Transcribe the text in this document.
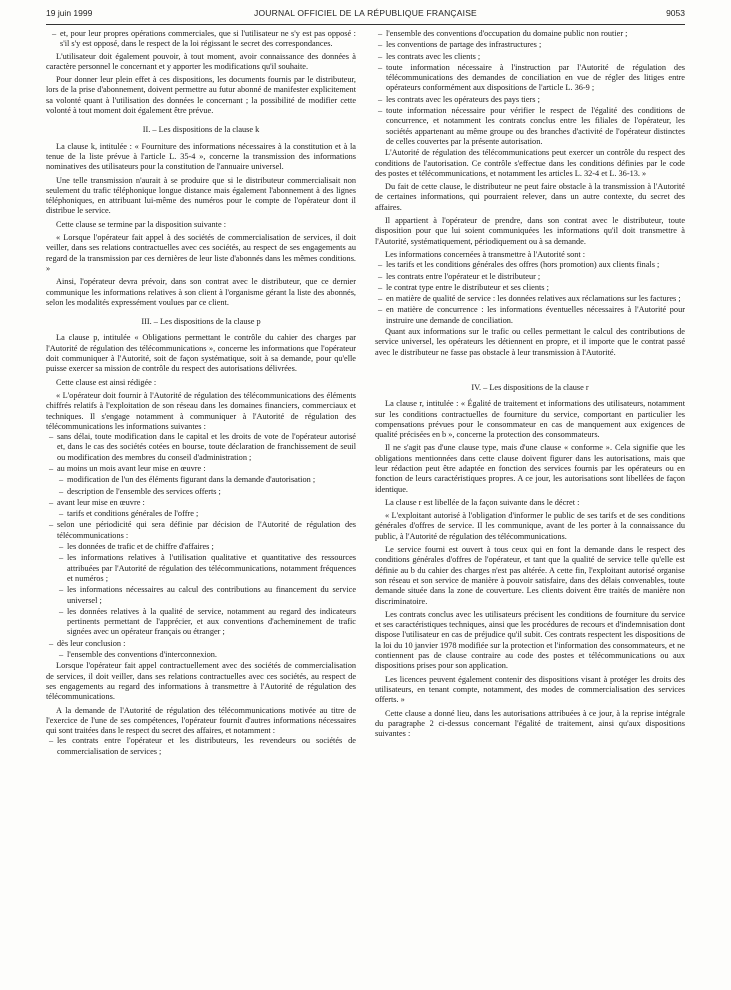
19 juin 1999	JOURNAL OFFICIEL DE LA RÉPUBLIQUE FRANÇAISE	9053

– et, pour leur propres opérations commerciales, que si l'utilisateur ne s'y est pas opposé : s'il s'y est opposé, dans le respect de la loi régissant le secret des correspondances.

L'utilisateur doit également pouvoir, à tout moment, avoir connaissance des données à caractère personnel le concernant et y apporter les modifications qu'il souhaite.

Pour donner leur plein effet à ces dispositions, les documents fournis par le distributeur, lors de la prise d'abonnement, doivent permettre au futur abonné de manifester explicitement sa volonté quant à l'utilisation des données le concernant ; la possibilité de modifier cette volonté à tout moment doit également être prévue.

II. – Les dispositions de la clause k

La clause k, intitulée : « Fourniture des informations nécessaires à la constitution et à la tenue de la liste prévue à l'article L. 35-4 », concerne la transmission des informations nominatives des utilisateurs pour la constitution de l'annuaire universel.

Une telle transmission n'aurait à se produire que si le distributeur commercialisait non seulement du trafic téléphonique longue distance mais également l'abonnement à des lignes téléphoniques, en attribuant lui-même des numéros pour le compte de l'opérateur dont il distribue le service.

Cette clause se termine par la disposition suivante :

« Lorsque l'opérateur fait appel à des sociétés de commercialisation de services, il doit veiller, dans ses relations contractuelles avec ces sociétés, au respect de ses engagements au regard de la transmission par ces dernières de leur liste d'abonnés dans les mêmes conditions. »

Ainsi, l'opérateur devra prévoir, dans son contrat avec le distributeur, que ce dernier communique les informations relatives à son client à l'organisme gérant la liste des abonnés, selon les modalités expressément voulues par ce client.

III. – Les dispositions de la clause p

La clause p, intitulée « Obligations permettant le contrôle du cahier des charges par l'Autorité de régulation des télécommunications », concerne les informations que l'opérateur doit communiquer à l'Autorité, soit de façon systématique, soit à sa demande, pour qu'elle puisse exercer sa mission de contrôle du respect des autorisations délivrées.

Cette clause est ainsi rédigée :

« L'opérateur doit fournir à l'Autorité de régulation des télécommunications des éléments chiffrés relatifs à l'exploitation de son réseau dans les domaines financiers, commerciaux et techniques. Il s'engage notamment à communiquer à l'Autorité de régulation des télécommunications les informations suivantes :

– sans délai, toute modification dans le capital et les droits de vote de l'opérateur autorisé et, dans le cas des sociétés cotées en bourse, toute déclaration de franchissement de seuil ou modification des membres du conseil d'administration ;

– au moins un mois avant leur mise en œuvre :

– modification de l'un des éléments figurant dans la demande d'autorisation ;

– description de l'ensemble des services offerts ;

– avant leur mise en œuvre :

– tarifs et conditions générales de l'offre ;

– selon une périodicité qui sera définie par décision de l'Autorité de régulation des télécommunications :

– les données de trafic et de chiffre d'affaires ;

– les informations relatives à l'utilisation qualitative et quantitative des ressources attribuées par l'Autorité de régulation des télécommunications, notamment fréquences et numéros ;

– les informations nécessaires au calcul des contributions au financement du service universel ;

– les données relatives à la qualité de service, notamment au regard des indicateurs pertinents permettant de l'apprécier, et aux conventions d'acheminement de trafic signées avec un opérateur français ou étranger ;

– dès leur conclusion :

– l'ensemble des conventions d'interconnexion.

Lorsque l'opérateur fait appel contractuellement avec des sociétés de commercialisation de services, il doit veiller, dans ses relations contractuelles avec ces sociétés, au respect de ses engagements au regard des informations à transmettre à l'Autorité de régulation des télécommunications.

A la demande de l'Autorité de régulation des télécommunications motivée au titre de l'exercice de l'une de ses compétences, l'opérateur fournit d'autres informations nécessaires qui sont traitées dans le respect du secret des affaires, et notamment :

– les contrats entre l'opérateur et les distributeurs, les revendeurs ou sociétés de commercialisation de services ;

– l'ensemble des conventions d'occupation du domaine public non routier ;

– les conventions de partage des infrastructures ;

– les contrats avec les clients ;

– toute information nécessaire à l'instruction par l'Autorité de régulation des télécommunications des demandes de conciliation en vue de régler des litiges entre opérateurs conformément aux dispositions de l'article L. 36-9 ;

– les contrats avec les opérateurs des pays tiers ;

– toute information nécessaire pour vérifier le respect de l'égalité des conditions de concurrence, et notamment les contrats conclus entre les filiales de l'opérateur, les sociétés appartenant au même groupe ou des branches d'activité de l'opérateur distinctes de celles couvertes par la présente autorisation.

L'Autorité de régulation des télécommunications peut exercer un contrôle du respect des conditions de l'autorisation. Ce contrôle s'effectue dans les conditions définies par le code des postes et télécommunications, et notamment les articles L. 32-4 et L. 36-13. »

Du fait de cette clause, le distributeur ne peut faire obstacle à la transmission à l'Autorité de certaines informations, qui pourraient relever, dans un autre contexte, du secret des affaires.

Il appartient à l'opérateur de prendre, dans son contrat avec le distributeur, toute disposition pour que lui soient communiquées les informations qu'il doit transmettre à l'Autorité, systématiquement, périodiquement ou à sa demande.

Les informations concernées à transmettre à l'Autorité sont :

– les tarifs et les conditions générales des offres (hors promotion) aux clients finals ;

– les contrats entre l'opérateur et le distributeur ;

– le contrat type entre le distributeur et ses clients ;

– en matière de qualité de service : les données relatives aux réclamations sur les factures ;

– en matière de concurrence : les informations éventuelles nécessaires à l'Autorité pour instruire une demande de conciliation.

Quant aux informations sur le trafic ou celles permettant le calcul des contributions de service universel, les opérateurs les détiennent en propre, et il importe que le contrat passé avec le distributeur ne fasse pas obstacle à leur transmission à l'Autorité.

IV. – Les dispositions de la clause r

La clause r, intitulée : « Égalité de traitement et informations des utilisateurs, notamment sur les conditions contractuelles de fourniture du service, comportant en particulier les compensations prévues pour le consommateur en cas de manquement aux exigences de qualité précisées en b », concerne la protection des consommateurs.

Il ne s'agit pas d'une clause type, mais d'une clause « conforme ». Cela signifie que les obligations mentionnées dans cette clause doivent figurer dans les autorisations, mais que leur rédaction peut être adaptée en fonction des services fournis par les opérateurs ou en fonction de leurs caractéristiques propres. A ce jour, les autorisations sont libellées de façon identique.

La clause r est libellée de la façon suivante dans le décret :

« L'exploitant autorisé à l'obligation d'informer le public de ses tarifs et de ses conditions générales d'offres de service. Il les communique, avant de les porter à la connaissance du public, à l'Autorité de régulation des télécommunications.

Le service fourni est ouvert à tous ceux qui en font la demande dans le respect des conditions générales d'offres de l'opérateur, et tant que la qualité de service telle qu'elle est définie au b du cahier des charges n'est pas altérée. A cette fin, l'exploitant autorisé organise son réseau et son service de manière à pouvoir satisfaire, dans des délais convenables, toute demande située dans la zone de couverture. Les clients doivent être traités de manière non discriminatoire.

Les contrats conclus avec les utilisateurs précisent les conditions de fourniture du service et ses caractéristiques techniques, ainsi que les procédures de recours et d'indemnisation dont dispose l'utilisateur en cas de préjudice qu'il subit. Ces contrats respectent les dispositions de la loi du 10 janvier 1978 modifiée sur la protection et l'information des consommateurs, et ne contiennent pas de clause contraire au code des postes et télécommunications ou aux dispositions prises pour son application.

Les licences peuvent également contenir des dispositions visant à protéger les droits des utilisateurs, en tenant compte, notamment, des modes de commercialisation des services offerts. »

Cette clause a donné lieu, dans les autorisations attribuées à ce jour, à la reprise intégrale du paragraphe 2 ci-dessus concernant l'égalité de traitement, ainsi qu'aux dispositions suivantes :
